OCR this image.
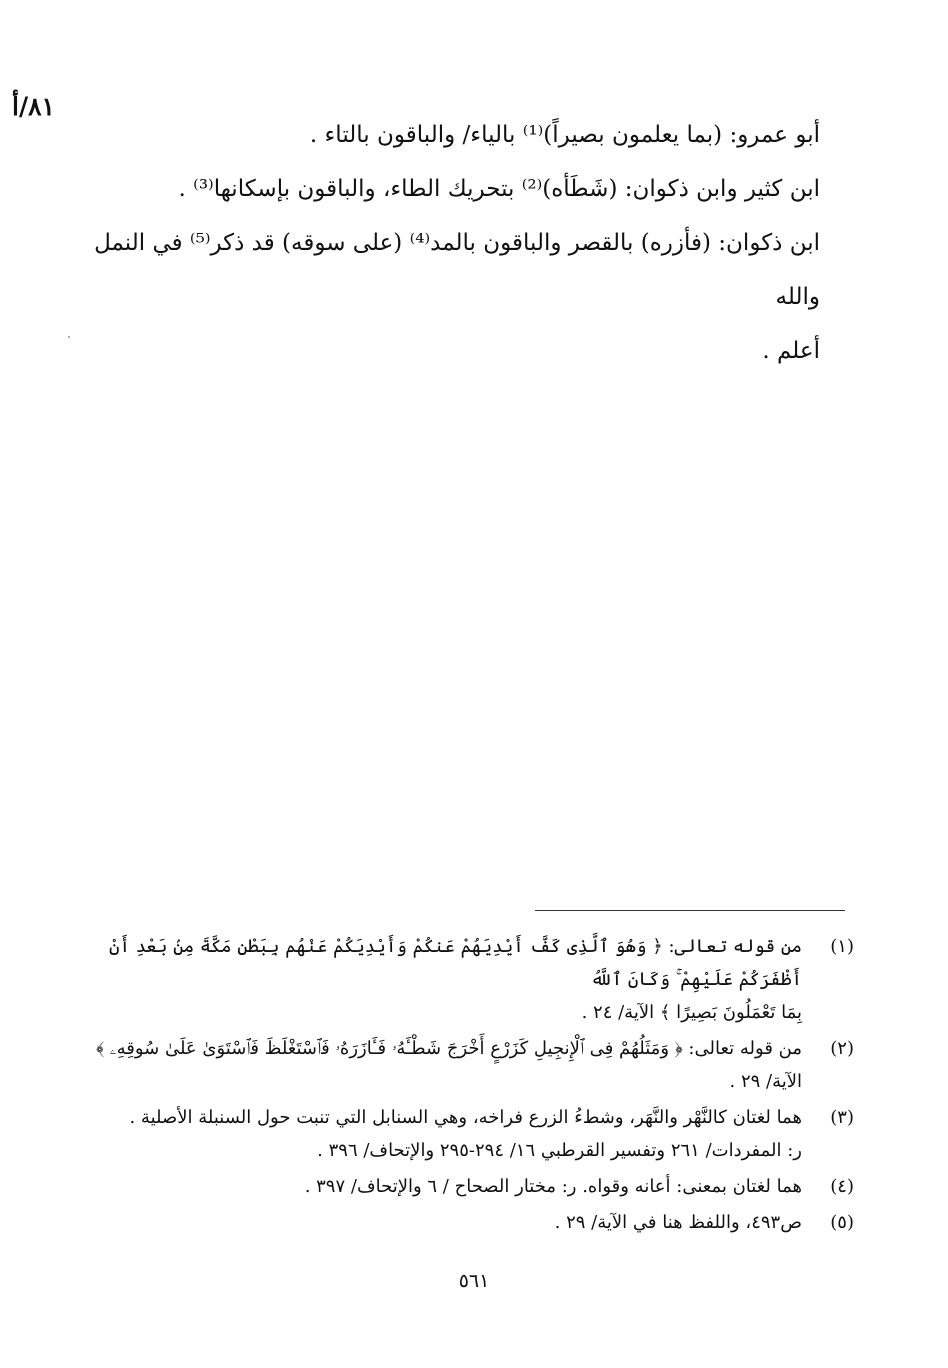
٨١/أ

أبو عمرو: (بما يعلمون بصيراً)⁽¹⁾ بالياء/ والباقون بالتاء .

ابن كثير وابن ذكوان: (شَطَأه)⁽²⁾ بتحريك الطاء، والباقون بإسكانها⁽³⁾ .

ابن ذكوان: (فأزره) بالقصر والباقون بالمد⁽⁴⁾ (على سوقه) قد ذكر⁽⁵⁾ في النمل والله

أعلم .

(١)
من قوله تعالى: ﴿ وَهُوَ ٱلَّذِى كَفَّ أَيْدِيَهُمْ عَنكُمْ وَأَيْدِيَكُمْ عَنْهُم بِبَطْنِ مَكَّةَ مِنۢ بَعْدِ أَنْ أَظْفَرَكُمْ عَلَيْهِمْ ۚ وَكَانَ ٱللَّهُ
بِمَا تَعْمَلُونَ بَصِيرًا ﴾ الآية/ ٢٤ .
(٢)
من قوله تعالى: ﴿ وَمَثَلُهُمْ فِى ٱلْإِنجِيلِ كَزَرْعٍ أَخْرَجَ شَطْـَٔهُۥ فَـَٔازَرَهُۥ فَٱسْتَغْلَظَ فَٱسْتَوَىٰ عَلَىٰ سُوقِهِۦ ﴾
الآية/ ٢٩ .
(٣)
هما لغتان كالنَّهْر والنَّهَر، وشطءُ الزرع فراخه، وهي السنابل التي تنبت حول السنبلة الأصلية .
ر: المفردات/ ٢٦١ وتفسير القرطبي ١٦/ ٢٩٤-٢٩٥ والإتحاف/ ٣٩٦ .
(٤)
هما لغتان بمعنى: أعانه وقواه. ر: مختار الصحاح / ٦ والإتحاف/ ٣٩٧ .
(٥)
ص٤٩٣، واللفظ هنا في الآية/ ٢٩ .
٥٦١
